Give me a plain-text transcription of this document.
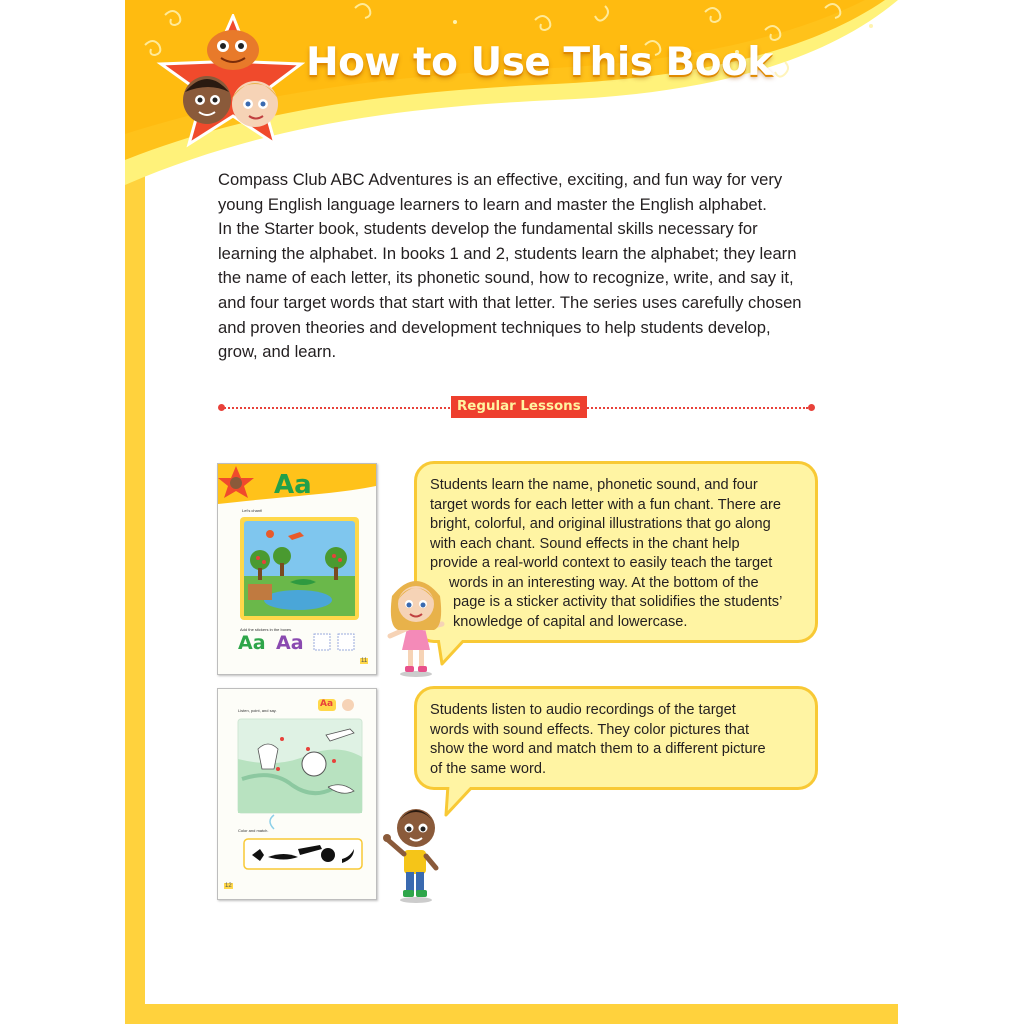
How to Use This Book
Compass Club ABC Adventures is an effective, exciting, and fun way for very
young English language learners to learn and master the English alphabet.
In the Starter book, students develop the fundamental skills necessary for
learning the alphabet. In books 1 and 2, students learn the alphabet; they learn
the name of each letter, its phonetic sound, how to recognize, write, and say it,
and four target words that start with that letter. The series uses carefully chosen
and proven theories and development techniques to help students develop,
grow, and learn.
Regular Lessons
Aa
Let's chant!
Add the stickers in the boxes.
Aa Aa
11
Listen, point, and say.
Aa
Color and match.
12
Students learn the name, phonetic sound, and four
target words for each letter with a fun chant. There are
bright, colorful, and original illustrations that go along
with each chant. Sound effects in the chant help
provide a real-world context to easily teach the target
words in an interesting way. At the bottom of the
page is a sticker activity that solidifies the students’
knowledge of capital and lowercase.
Students listen to audio recordings of the target
words with sound effects. They color pictures that
show the word and match them to a different picture
of the same word.
